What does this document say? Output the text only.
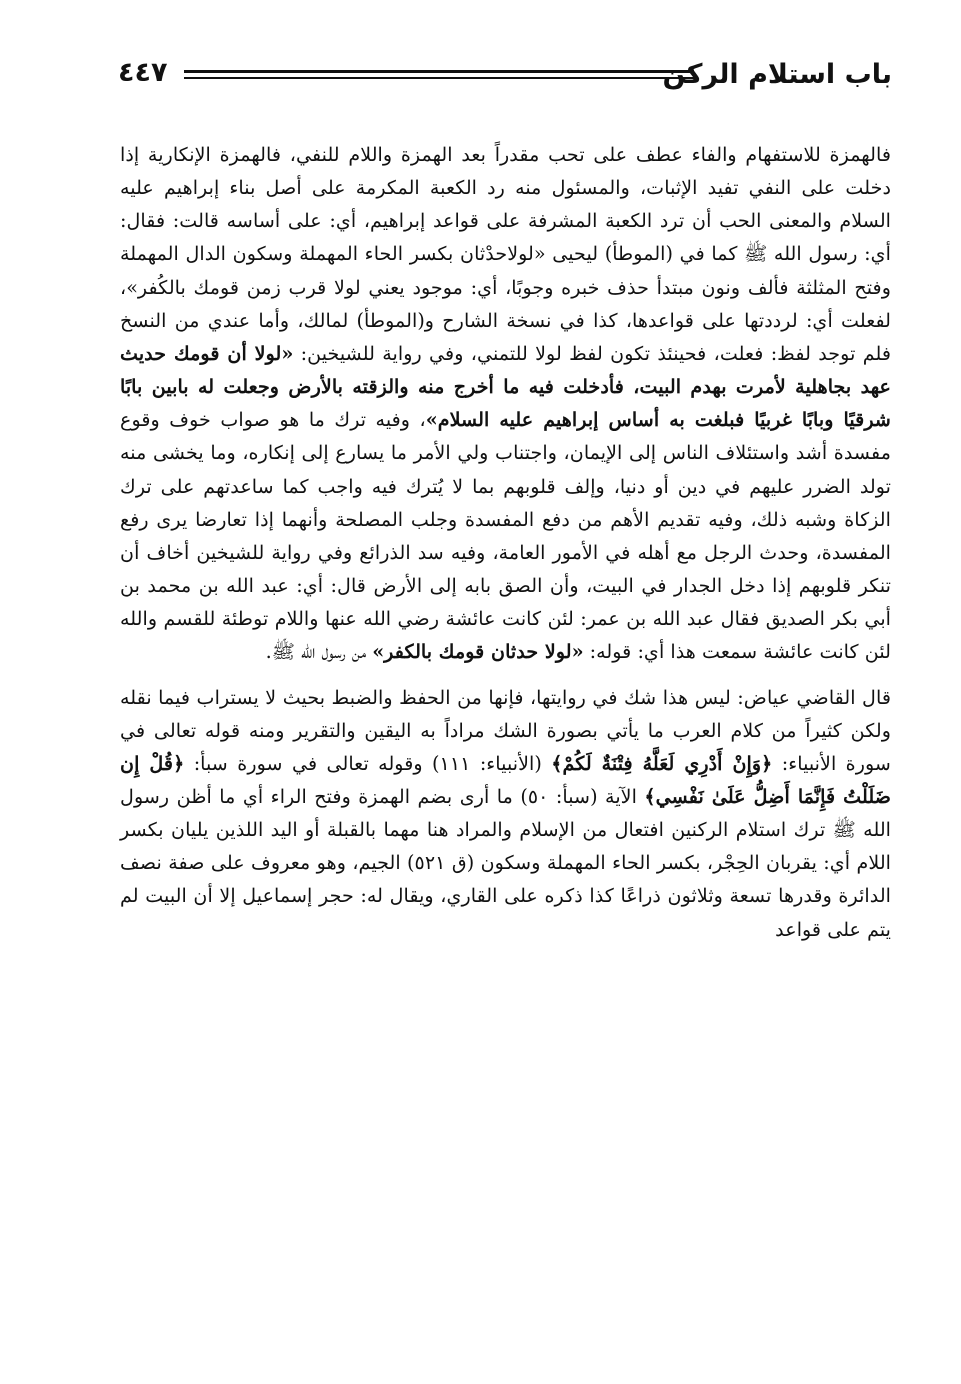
باب استلام الركن
٤٤٧

فالهمزة للاستفهام والفاء عطف على تحب مقدراً بعد الهمزة واللام للنفي، فالهمزة الإنكارية إذا دخلت على النفي تفيد الإثبات، والمسئول منه رد الكعبة المكرمة على أصل بناء إبراهيم عليه السلام والمعنى الحب أن ترد الكعبة المشرفة على قواعد إبراهيم، أي: على أساسه قالت: فقال: أي: رسول الله ﷺ كما في (الموطأ) ليحيى «لولاحدْثان بكسر الحاء المهملة وسكون الدال المهملة وفتح المثلثة فألف ونون مبتدأ حذف خبره وجوبًا، أي: موجود يعني لولا قرب زمن قومك بالكُفر»، لفعلت أي: لرددتها على قواعدها، كذا في نسخة الشارح و(الموطأ) لمالك، وأما عندي من النسخ فلم توجد لفظ: فعلت، فحينئذ تكون لفظ لولا للتمني، وفي رواية للشيخين: «لولا أن قومك حديث عهد بجاهلية لأمرت بهدم البيت، فأدخلت فيه ما أخرج منه والزقته بالأرض وجعلت له بابين بابًا شرقيًا وبابًا غربيًا فبلغت به أساس إبراهيم عليه السلام»، وفيه ترك ما هو صواب خوف وقوع مفسدة أشد واستئلاف الناس إلى الإيمان، واجتناب ولي الأمر ما يسارع إلى إنكاره، وما يخشى منه تولد الضرر عليهم في دين أو دنيا، وإلف قلوبهم بما لا يُترك فيه واجب كما ساعدتهم على ترك الزكاة وشبه ذلك، وفيه تقديم الأهم من دفع المفسدة وجلب المصلحة وأنهما إذا تعارضا يرى رفع المفسدة، وحدث الرجل مع أهله في الأمور العامة، وفيه سد الذرائع وفي رواية للشيخين أخاف أن تنكر قلوبهم إذا دخل الجدار في البيت، وأن الصق بابه إلى الأرض قال: أي: عبد الله بن محمد بن أبي بكر الصديق فقال عبد الله بن عمر: لئن كانت عائشة رضي الله عنها واللام توطئة للقسم والله لئن كانت عائشة سمعت هذا أي: قوله: «لولا حدثان قومك بالكفر» من رسول الله ﷺ.

قال القاضي عياض: ليس هذا شك في روايتها، فإنها من الحفظ والضبط بحيث لا يستراب فيما نقله ولكن كثيراً من كلام العرب ما يأتي بصورة الشك مراداً به اليقين والتقرير ومنه قوله تعالى في سورة الأنبياء: ﴿وَإِنْ أَدْرِي لَعَلَّهُ فِتْنَةٌ لَكُمْ﴾ (الأنبياء: ١١١) وقوله تعالى في سورة سبأ: ﴿قُلْ إِن ضَلَلْتُ فَإِنَّمَا أَضِلُّ عَلَىٰ نَفْسِي﴾ الآية (سبأ: ٥٠) ما أرى بضم الهمزة وفتح الراء أي ما أظن رسول الله ﷺ ترك استلام الركنين افتعال من الإسلام والمراد هنا مهما بالقبلة أو اليد اللذين يليان بكسر اللام أي: يقربان الحِجْر، بكسر الحاء المهملة وسكون (ق ٥٢١) الجيم، وهو معروف على صفة نصف الدائرة وقدرها تسعة وثلاثون ذراعًا كذا ذكره على القاري، ويقال له: حجر إسماعيل إلا أن البيت لم يتم على قواعد
